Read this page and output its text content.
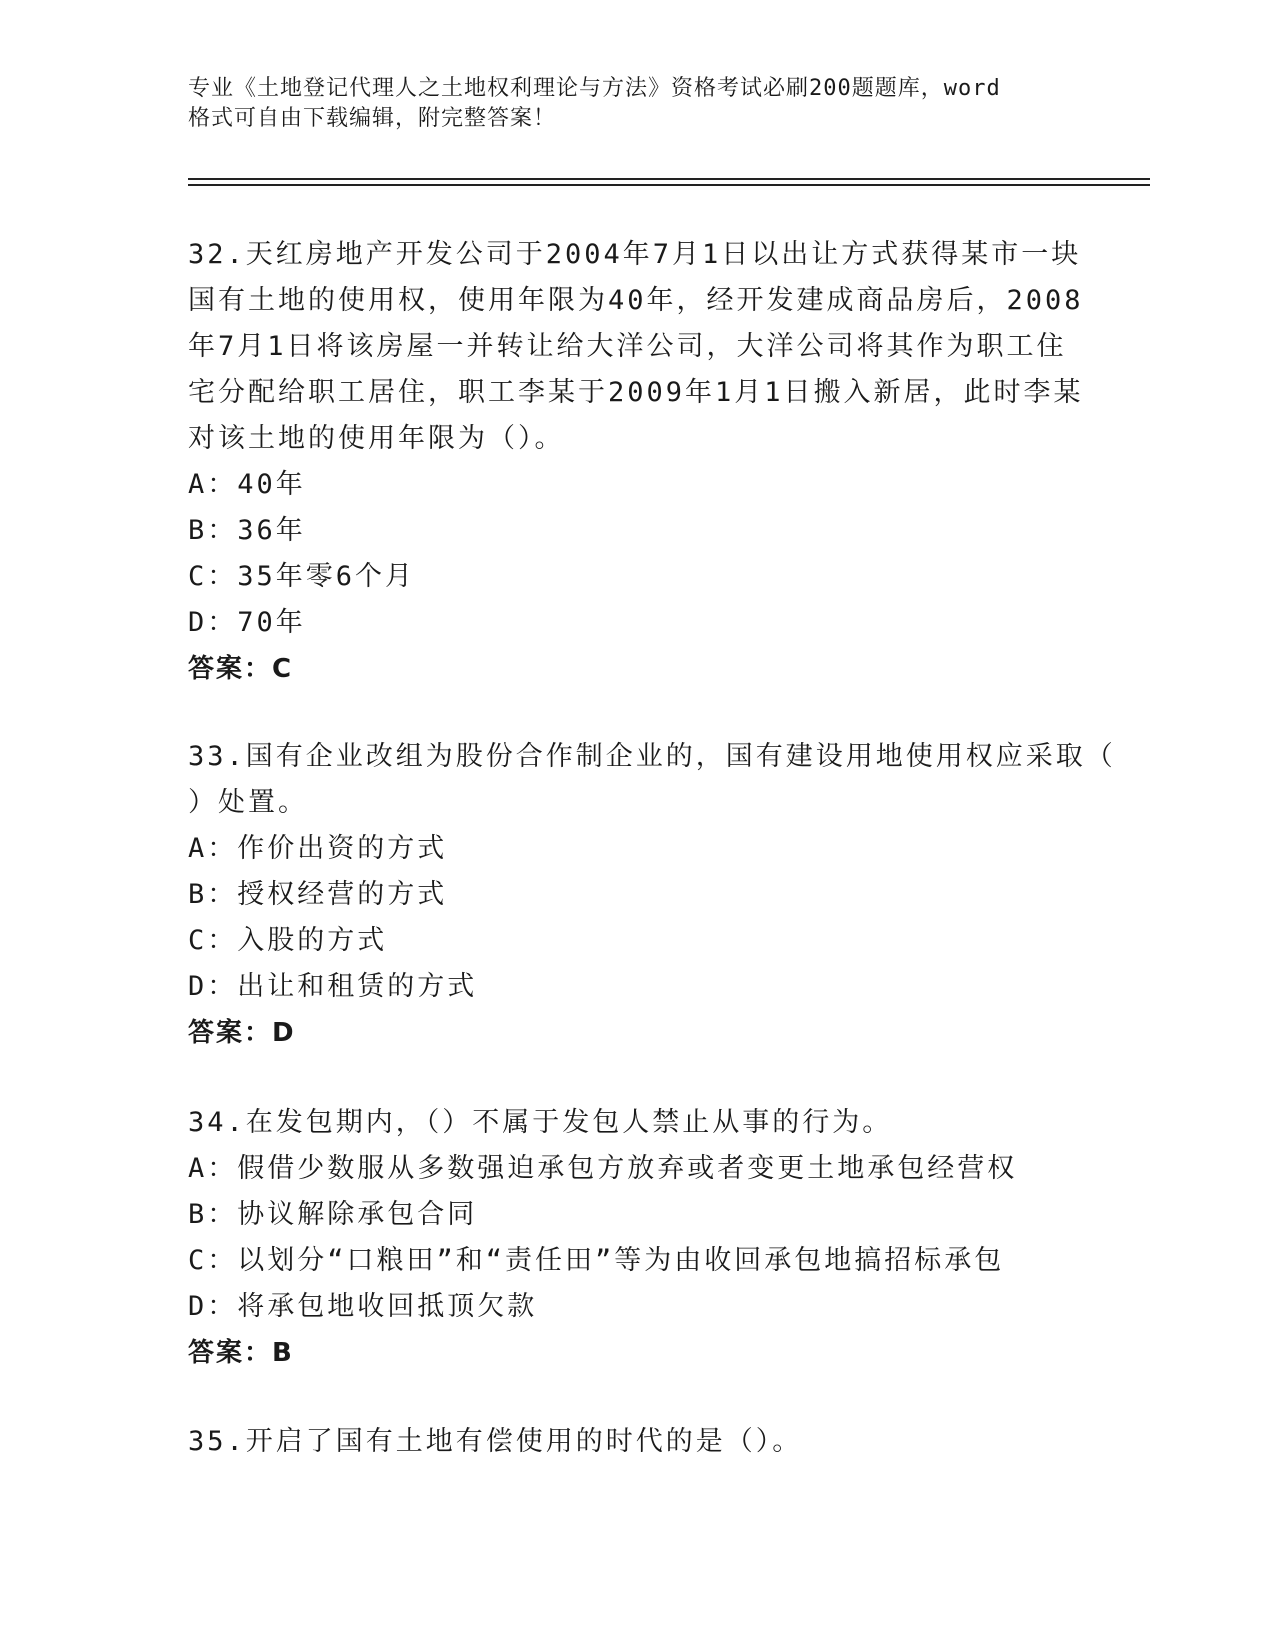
专业《土地登记代理人之土地权利理论与方法》资格考试必刷200题题库，word
格式可自由下载编辑，附完整答案！
32.天红房地产开发公司于2004年7月1日以出让方式获得某市一块
国有土地的使用权，使用年限为40年，经开发建成商品房后，2008
年7月1日将该房屋一并转让给大洋公司，大洋公司将其作为职工住
宅分配给职工居住，职工李某于2009年1月1日搬入新居，此时李某
对该土地的使用年限为（）。
A：40年
B：36年
C：35年零6个月
D：70年
答案：C
33.国有企业改组为股份合作制企业的，国有建设用地使用权应采取（
）处置。
A：作价出资的方式
B：授权经营的方式
C：入股的方式
D：出让和租赁的方式
答案：D
34.在发包期内，（）不属于发包人禁止从事的行为。
A：假借少数服从多数强迫承包方放弃或者变更土地承包经营权
B：协议解除承包合同
C：以划分“口粮田”和“责任田”等为由收回承包地搞招标承包
D：将承包地收回抵顶欠款
答案：B
35.开启了国有土地有偿使用的时代的是（）。
